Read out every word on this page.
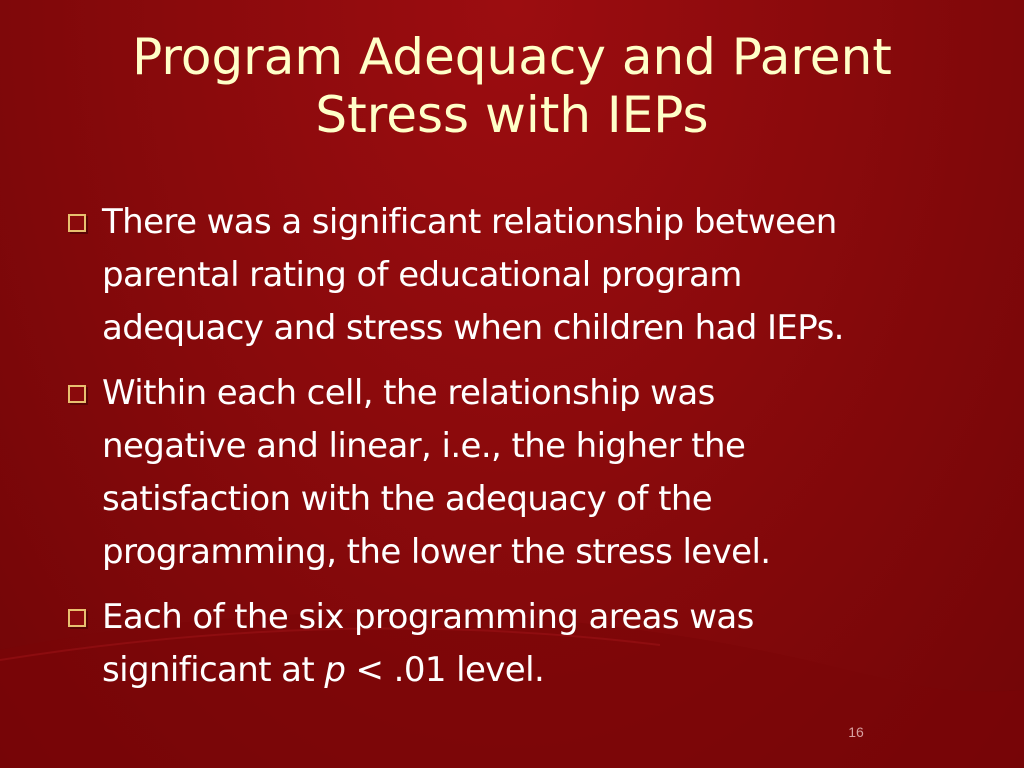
Program Adequacy and Parent
Stress with IEPs
There was a significant relationship between
parental rating of educational program
adequacy and stress when children had IEPs.
Within each cell, the relationship was
negative and linear, i.e., the higher the
satisfaction with the adequacy of the
programming, the lower the stress level.
Each of the six programming areas was
significant at p < .01 level.
16
